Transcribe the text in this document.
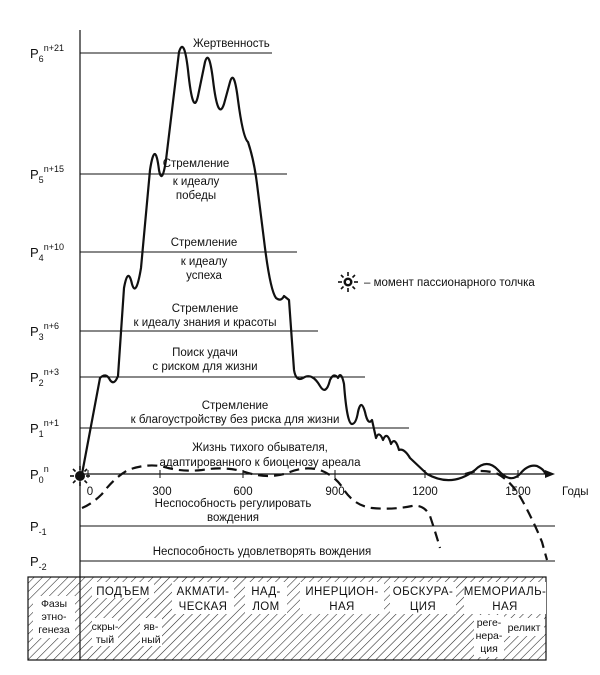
$P_6^{n+21}$
$P_5^{n+15}$
$P_4^{n+10}$
$P_3^{n+6}$
$P_2^{n+3}$
$P_1^{n+1}$
$P_0^n$
$P_{-1}$
$P_{-2}$
Жертвенность
Стремление
к идеалу
победы
Стремление
к идеалу
успеха
Стремление
к идеалу знания и красоты
Поиск удачи
с риском для жизни
Стремление
к благоустройству без риска для жизни
Жизнь тихого обывателя,
адаптированного к биоценозу ареала
Неспособность регулировать
вождения
Неспособность удовлетворять вождения
– момент пассионарного толчка
0	300	600	900	1200	1500	Годы
Фазы
этно-
генеза
ПОДЪЕМ
скры-
тый
яв-
ный
АКМАТИ-
ЧЕСКАЯ
НАД-
ЛОМ
ИНЕРЦИОН-
НАЯ
ОБСКУРА-
ЦИЯ
МЕМОРИАЛЬ-
НАЯ
реге-
нера-
ция
реликт
